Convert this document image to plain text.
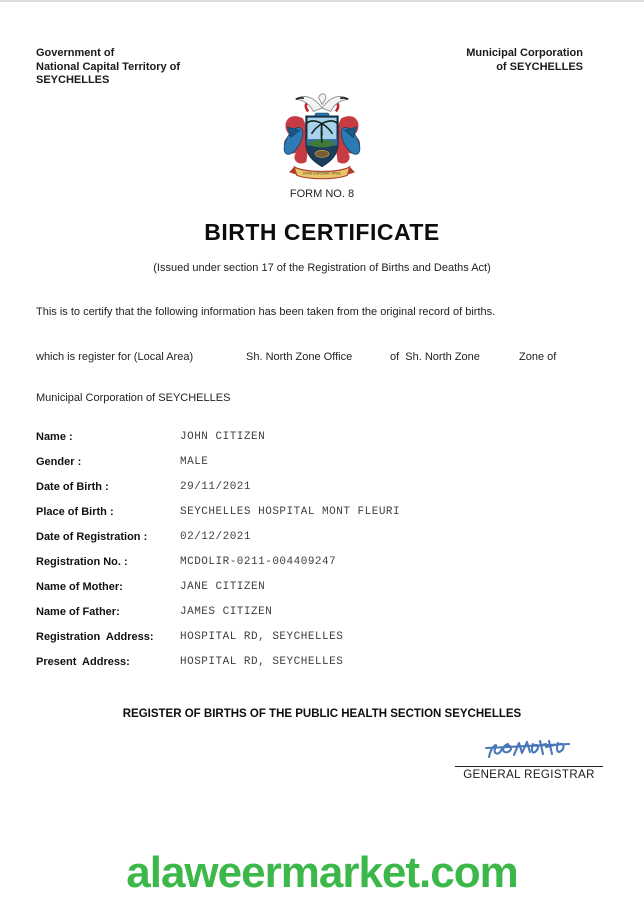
Government of
National Capital Territory of
SEYCHELLES
Municipal Corporation
of SEYCHELLES
FINIS CORONAT OPUS
FORM NO. 8
BIRTH CERTIFICATE
(Issued under section 17 of the Registration of Births and Deaths Act)
This is to certify that the following information has been taken from the original record of births.
which is register for (Local Area)	Sh. North Zone Office	of  Sh. North Zone	Zone of
Municipal Corporation of SEYCHELLES
Name :	JOHN CITIZEN
Gender :	MALE
Date of Birth :	29/11/2021
Place of Birth :	SEYCHELLES HOSPITAL MONT FLEURI
Date of Registration :	02/12/2021
Registration No. :	MCDOLIR-0211-004409247
Name of Mother:	JANE CITIZEN
Name of Father:	JAMES CITIZEN
Registration  Address:	HOSPITAL RD, SEYCHELLES
Present  Address:	HOSPITAL RD, SEYCHELLES
REGISTER OF BIRTHS OF THE PUBLIC HEALTH SECTION SEYCHELLES
GENERAL REGISTRAR
alaweermarket.com
